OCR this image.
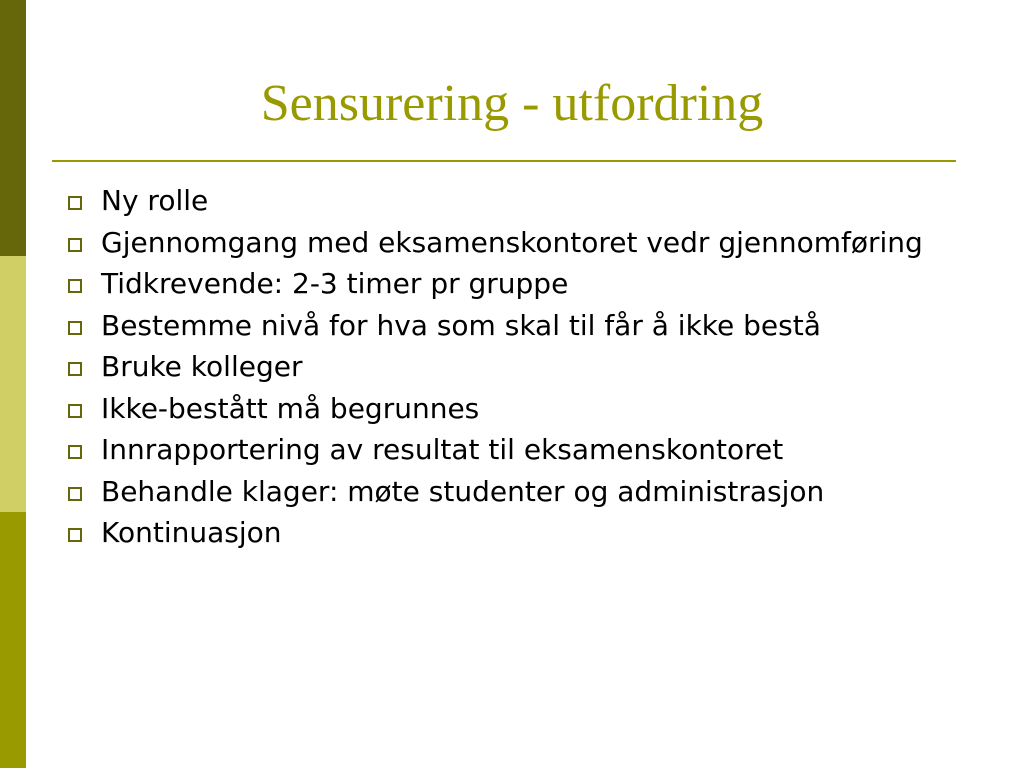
Sensurering - utfordring
Ny rolle
Gjennomgang med eksamenskontoret vedr gjennomføring
Tidkrevende: 2-3 timer pr gruppe
Bestemme nivå for hva som skal til får å ikke bestå
Bruke kolleger
Ikke-bestått må begrunnes
Innrapportering av resultat til eksamenskontoret
Behandle klager: møte studenter og administrasjon
Kontinuasjon
